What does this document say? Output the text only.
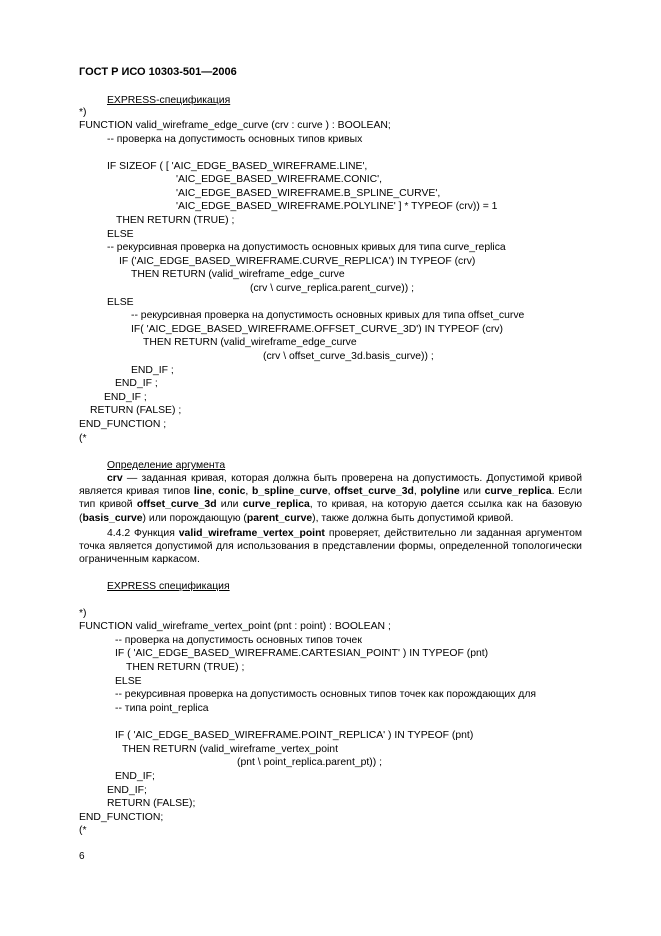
ГОСТ Р ИСО 10303-501—2006
EXPRESS-спецификация
*)
FUNCTION valid_wireframe_edge_curve (crv : curve ) : BOOLEAN;
-- проверка на допустимость основных типов кривых
IF SIZEOF ( [ 'AIC_EDGE_BASED_WIREFRAME.LINE',
'AIC_EDGE_BASED_WIREFRAME.CONIC',
'AIC_EDGE_BASED_WIREFRAME.B_SPLINE_CURVE',
'AIC_EDGE_BASED_WIREFRAME.POLYLINE' ] * TYPEOF (crv)) = 1
THEN RETURN (TRUE) ;
ELSE
-- рекурсивная проверка на допустимость основных кривых для типа curve_replica
IF ('AIC_EDGE_BASED_WIREFRAME.CURVE_REPLICA') IN TYPEOF (crv)
THEN RETURN (valid_wireframe_edge_curve
(crv \ curve_replica.parent_curve)) ;
ELSE
-- рекурсивная проверка на допустимость основных кривых для типа offset_curve
IF( 'AIC_EDGE_BASED_WIREFRAME.OFFSET_CURVE_3D') IN TYPEOF (crv)
THEN RETURN (valid_wireframe_edge_curve
(crv \ offset_curve_3d.basis_curve)) ;
END_IF ;
END_IF ;
END_IF ;
RETURN (FALSE) ;
END_FUNCTION ;
(*
Определение аргумента
crv — заданная кривая, которая должна быть проверена на допустимость. Допустимой кривой является кривая типов line, conic, b_spline_curve, offset_curve_3d, polyline или curve_replica. Если тип кривой offset_curve_3d или curve_replica, то кривая, на которую дается ссылка как на базовую (basis_curve) или порождающую (parent_curve), также должна быть допустимой кривой.
4.4.2 Функция valid_wireframe_vertex_point проверяет, действительно ли заданная аргументом точка является допустимой для использования в представлении формы, определенной топологически ограниченным каркасом.
EXPRESS спецификация
*)
FUNCTION valid_wireframe_vertex_point (pnt : point) : BOOLEAN ;
-- проверка на допустимость основных типов точек
IF ( 'AIC_EDGE_BASED_WIREFRAME.CARTESIAN_POINT' ) IN TYPEOF (pnt)
THEN RETURN (TRUE) ;
ELSE
-- рекурсивная проверка на допустимость основных типов точек как порождающих для
-- типа point_replica
IF ( 'AIC_EDGE_BASED_WIREFRAME.POINT_REPLICA' ) IN TYPEOF (pnt)
THEN RETURN (valid_wireframe_vertex_point
(pnt \ point_replica.parent_pt)) ;
END_IF;
END_IF;
RETURN (FALSE);
END_FUNCTION;
(*
6
